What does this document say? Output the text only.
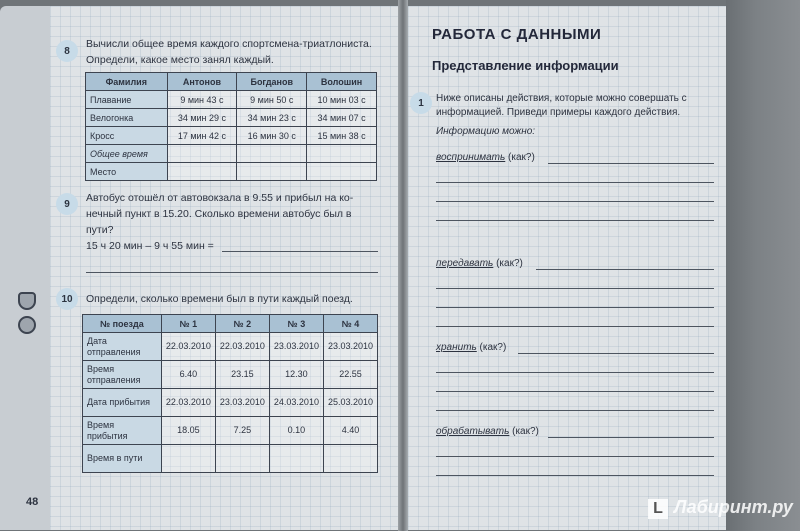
8
Вычисли общее время каждого спортсмена-триатлониста.
Определи, какое место занял каждый.
Фамилия	Антонов	Богданов	Волошин
Плавание	9 мин 43 с	9 мин 50 с	10 мин 03 с
Велогонка	34 мин 29 с	34 мин 23 с	34 мин 07 с
Кросс	17 мин 42 с	16 мин 30 с	15 мин 38 с
Общее время			
Место			
9	Автобус отошёл от автовокзала в 9.55 и прибыл на ко-
нечный пункт в 15.20. Сколько времени автобус был в
пути?
15 ч 20 мин – 9 ч 55 мин =
10	Определи, сколько времени был в пути каждый поезд.
№ поезда	№ 1	№ 2	№ 3	№ 4
Дата отправления	22.03.2010	22.03.2010	23.03.2010	23.03.2010
Время отправления	6.40	23.15	12.30	22.55
Дата прибытия	22.03.2010	23.03.2010	24.03.2010	25.03.2010
Время прибытия	18.05	7.25	0.10	4.40
Время в пути				
48
РАБОТА С ДАННЫМИ
Представление информации
1	Ниже описаны действия, которые можно совершать с
информацией. Приведи примеры каждого действия.
Информацию можно:
воспринимать (как?)
передавать (как?)
хранить (как?)
обрабатывать (как?)
L Лабиринт.ру
